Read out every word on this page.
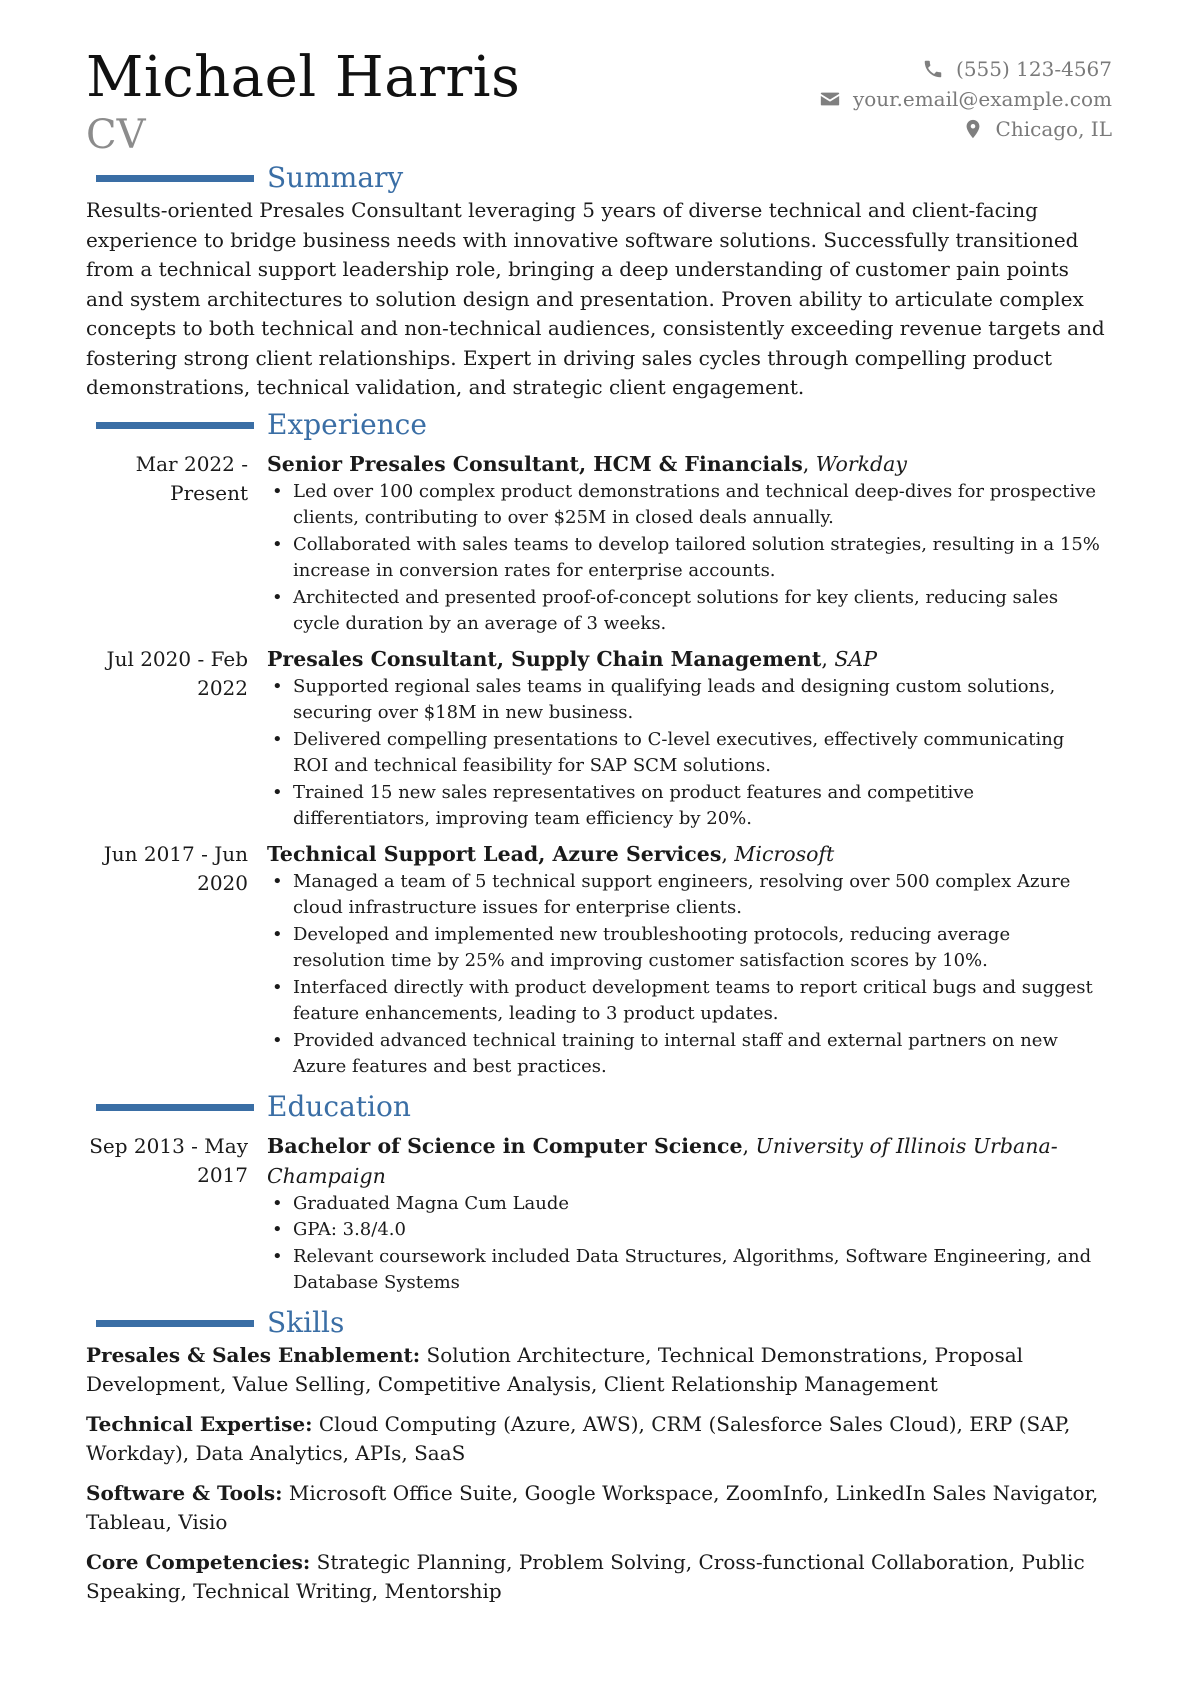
Michael Harris
CV
(555) 123-4567
your.email@example.com
Chicago, IL
Summary

Results-oriented Presales Consultant leveraging 5 years of diverse technical and client-facing experience to bridge business needs with innovative software solutions. Successfully transitioned from a technical support leadership role, bringing a deep understanding of customer pain points and system architectures to solution design and presentation. Proven ability to articulate complex concepts to both technical and non-technical audiences, consistently exceeding revenue targets and fostering strong client relationships. Expert in driving sales cycles through compelling product demonstrations, technical validation, and strategic client engagement.

Experience
Mar 2022 -
Present
Senior Presales Consultant, HCM & Financials, Workday
• Led over 100 complex product demonstrations and technical deep-dives for prospective clients, contributing to over $25M in closed deals annually.
• Collaborated with sales teams to develop tailored solution strategies, resulting in a 15% increase in conversion rates for enterprise accounts.
• Architected and presented proof-of-concept solutions for key clients, reducing sales cycle duration by an average of 3 weeks.
Jul 2020 - Feb
2022
Presales Consultant, Supply Chain Management, SAP
• Supported regional sales teams in qualifying leads and designing custom solutions, securing over $18M in new business.
• Delivered compelling presentations to C-level executives, effectively communicating ROI and technical feasibility for SAP SCM solutions.
• Trained 15 new sales representatives on product features and competitive differentiators, improving team efficiency by 20%.
Jun 2017 - Jun
2020
Technical Support Lead, Azure Services, Microsoft
• Managed a team of 5 technical support engineers, resolving over 500 complex Azure cloud infrastructure issues for enterprise clients.
• Developed and implemented new troubleshooting protocols, reducing average resolution time by 25% and improving customer satisfaction scores by 10%.
• Interfaced directly with product development teams to report critical bugs and suggest feature enhancements, leading to 3 product updates.
• Provided advanced technical training to internal staff and external partners on new Azure features and best practices.
Education
Sep 2013 - May
2017
Bachelor of Science in Computer Science, University of Illinois Urbana-Champaign
• Graduated Magna Cum Laude
• GPA: 3.8/4.0
• Relevant coursework included Data Structures, Algorithms, Software Engineering, and Database Systems
Skills

Presales & Sales Enablement: Solution Architecture, Technical Demonstrations, Proposal Development, Value Selling, Competitive Analysis, Client Relationship Management

Technical Expertise: Cloud Computing (Azure, AWS), CRM (Salesforce Sales Cloud), ERP (SAP, Workday), Data Analytics, APIs, SaaS

Software & Tools: Microsoft Office Suite, Google Workspace, ZoomInfo, LinkedIn Sales Navigator, Tableau, Visio

Core Competencies: Strategic Planning, Problem Solving, Cross-functional Collaboration, Public Speaking, Technical Writing, Mentorship
